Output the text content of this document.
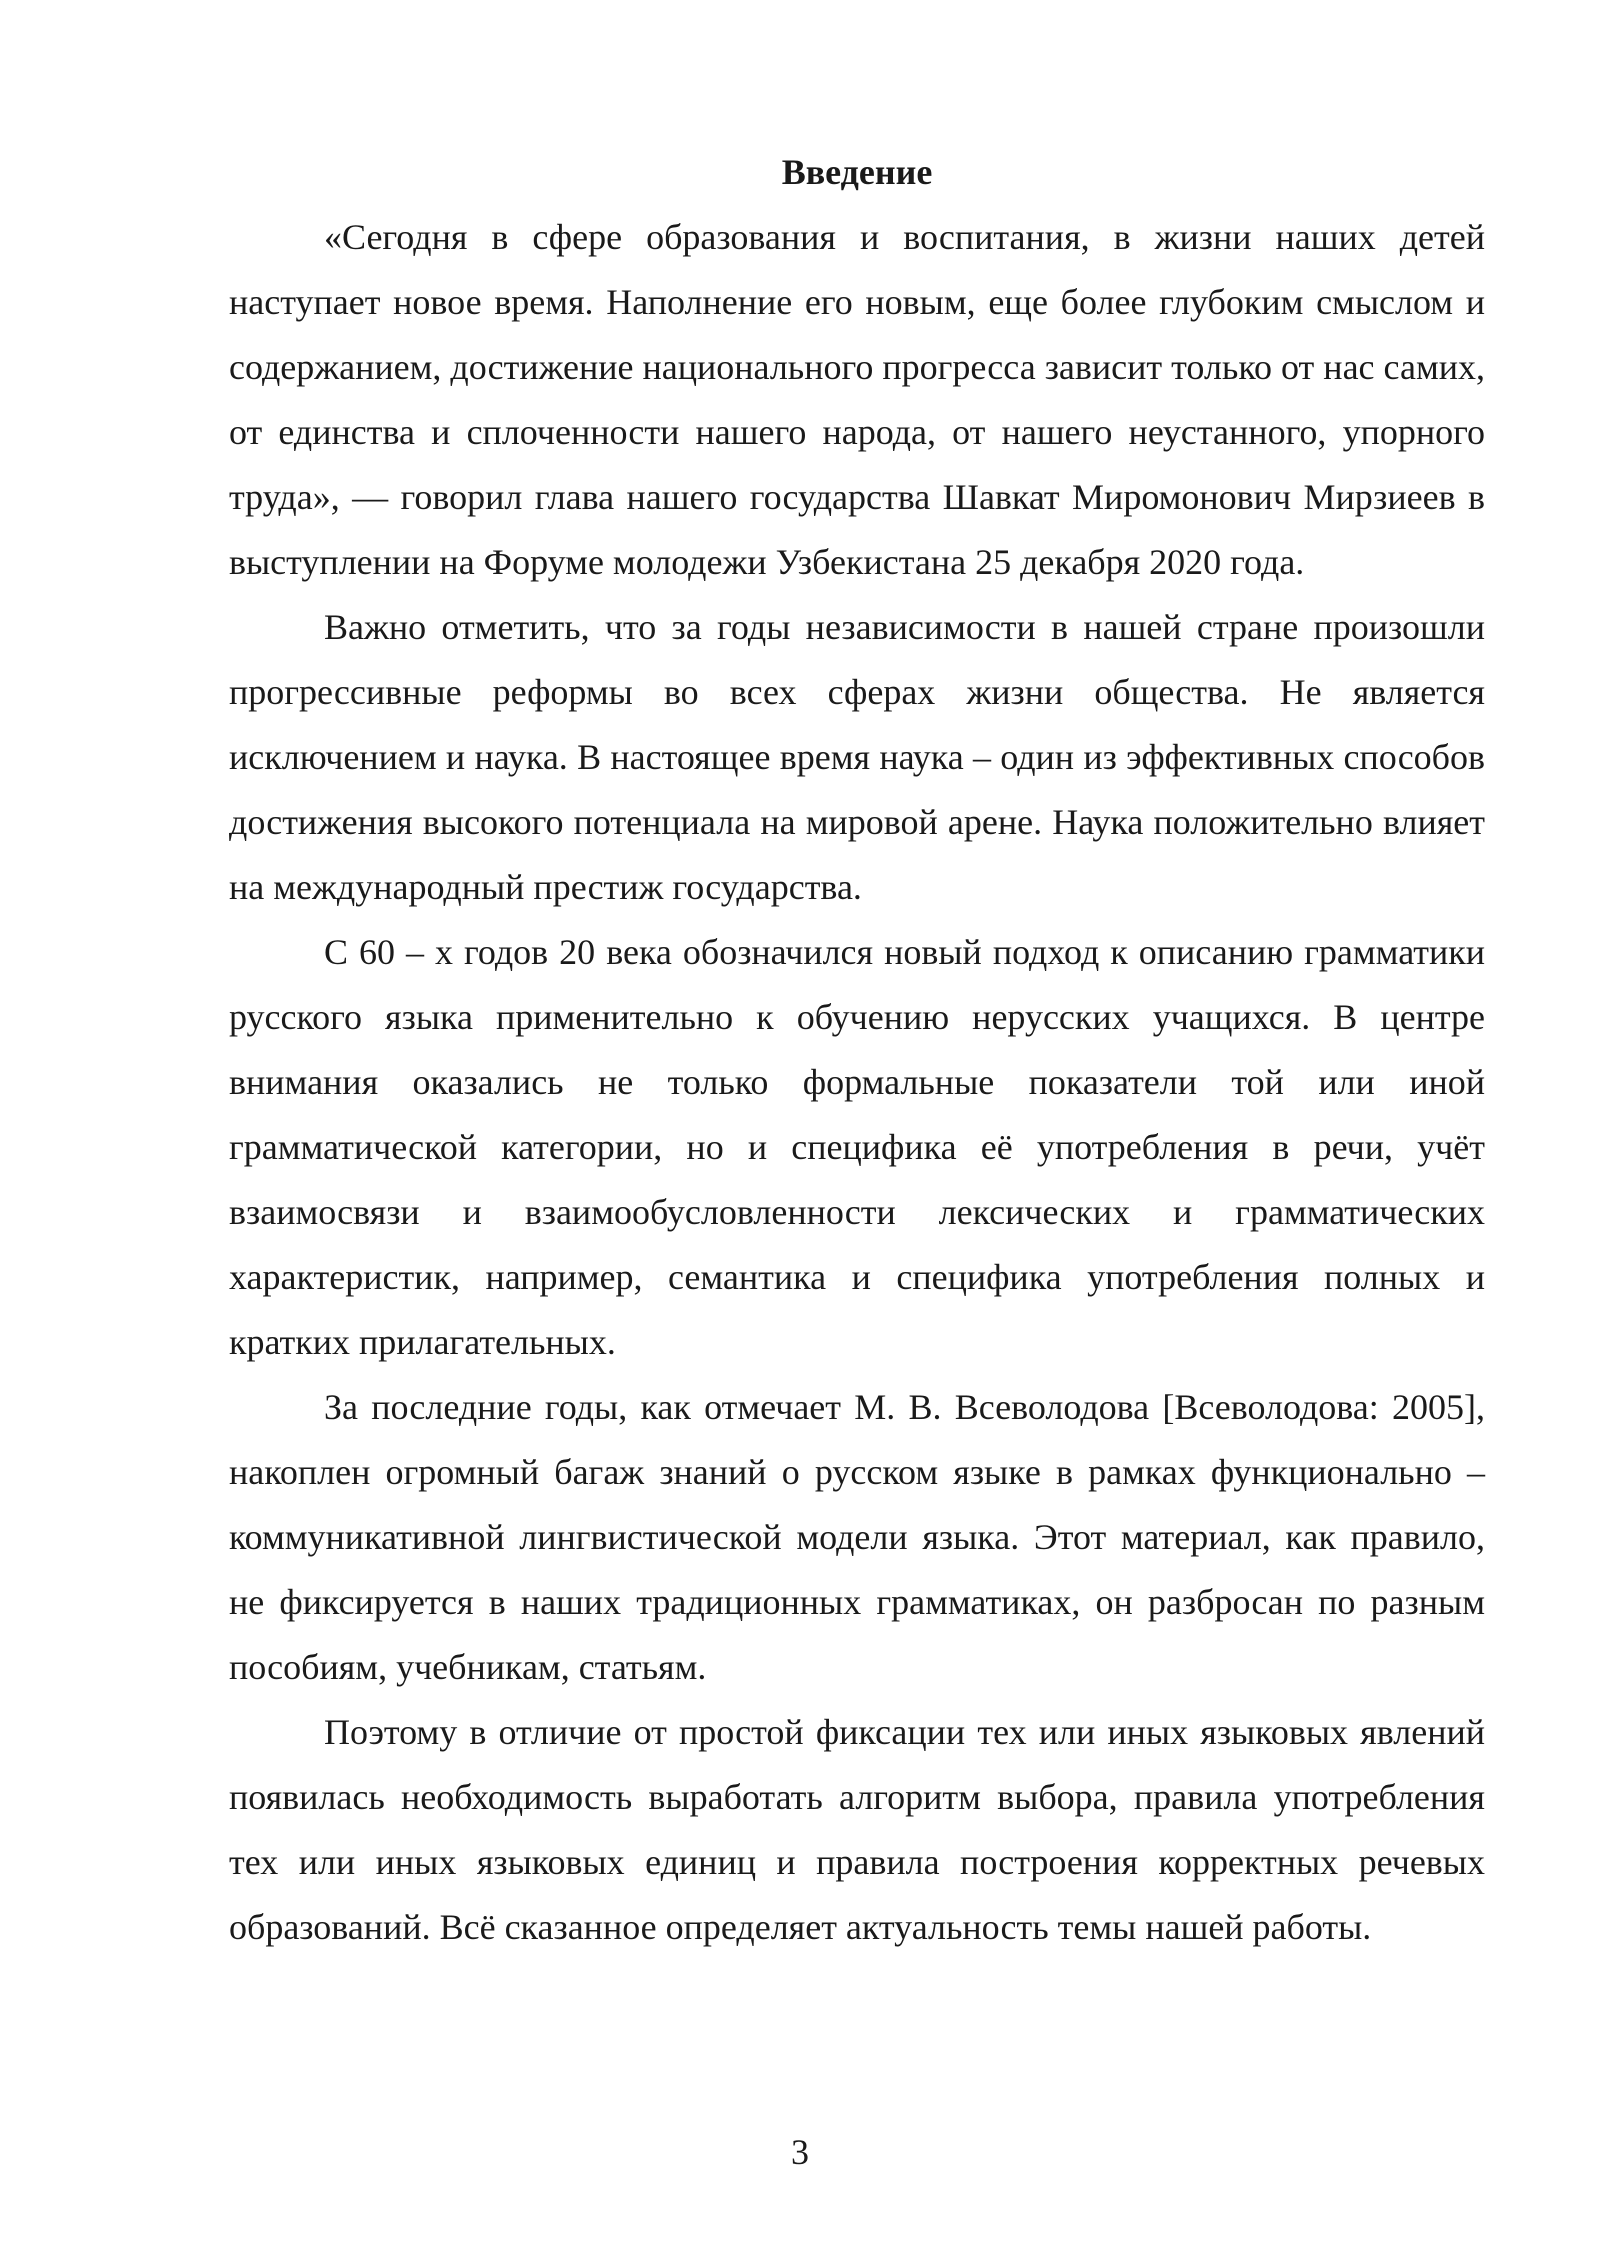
Введение

«Сегодня в сфере образования и воспитания, в жизни наших детей наступает новое время. Наполнение его новым, еще более глубоким смыслом и содержанием, достижение национального прогресса зависит только от нас самих, от единства и сплоченности нашего народа, от нашего неустанного, упорного труда», — говорил глава нашего государства Шавкат Миромонович Мирзиеев в выступлении на Форуме молодежи Узбекистана 25 декабря 2020 года.

Важно отметить, что за годы независимости в нашей стране произошли прогрессивные реформы во всех сферах жизни общества. Не является исключением и наука. В настоящее время наука – один из эффективных способов достижения высокого потенциала на мировой арене. Наука положительно влияет на международный престиж государства.

С 60 – х годов 20 века обозначился новый подход к описанию грамматики русского языка применительно к обучению нерусских учащихся. В центре внимания оказались не только формальные показатели той или иной грамматической категории, но и специфика её употребления в речи, учёт взаимосвязи и взаимообусловленности лексических и грамматических характеристик, например, семантика и специфика употребления полных и кратких прилагательных.

За последние годы, как отмечает М. В. Всеволодова [Всеволодова: 2005], накоплен огромный багаж знаний о русском языке в рамках функционально – коммуникативной лингвистической модели языка. Этот материал, как правило, не фиксируется в наших традиционных грамматиках, он разбросан по разным пособиям, учебникам, статьям.

Поэтому в отличие от простой фиксации тех или иных языковых явлений появилась необходимость выработать алгоритм выбора, правила употребления тех или иных языковых единиц и правила построения корректных речевых образований. Всё сказанное определяет актуальность темы нашей работы.

3
